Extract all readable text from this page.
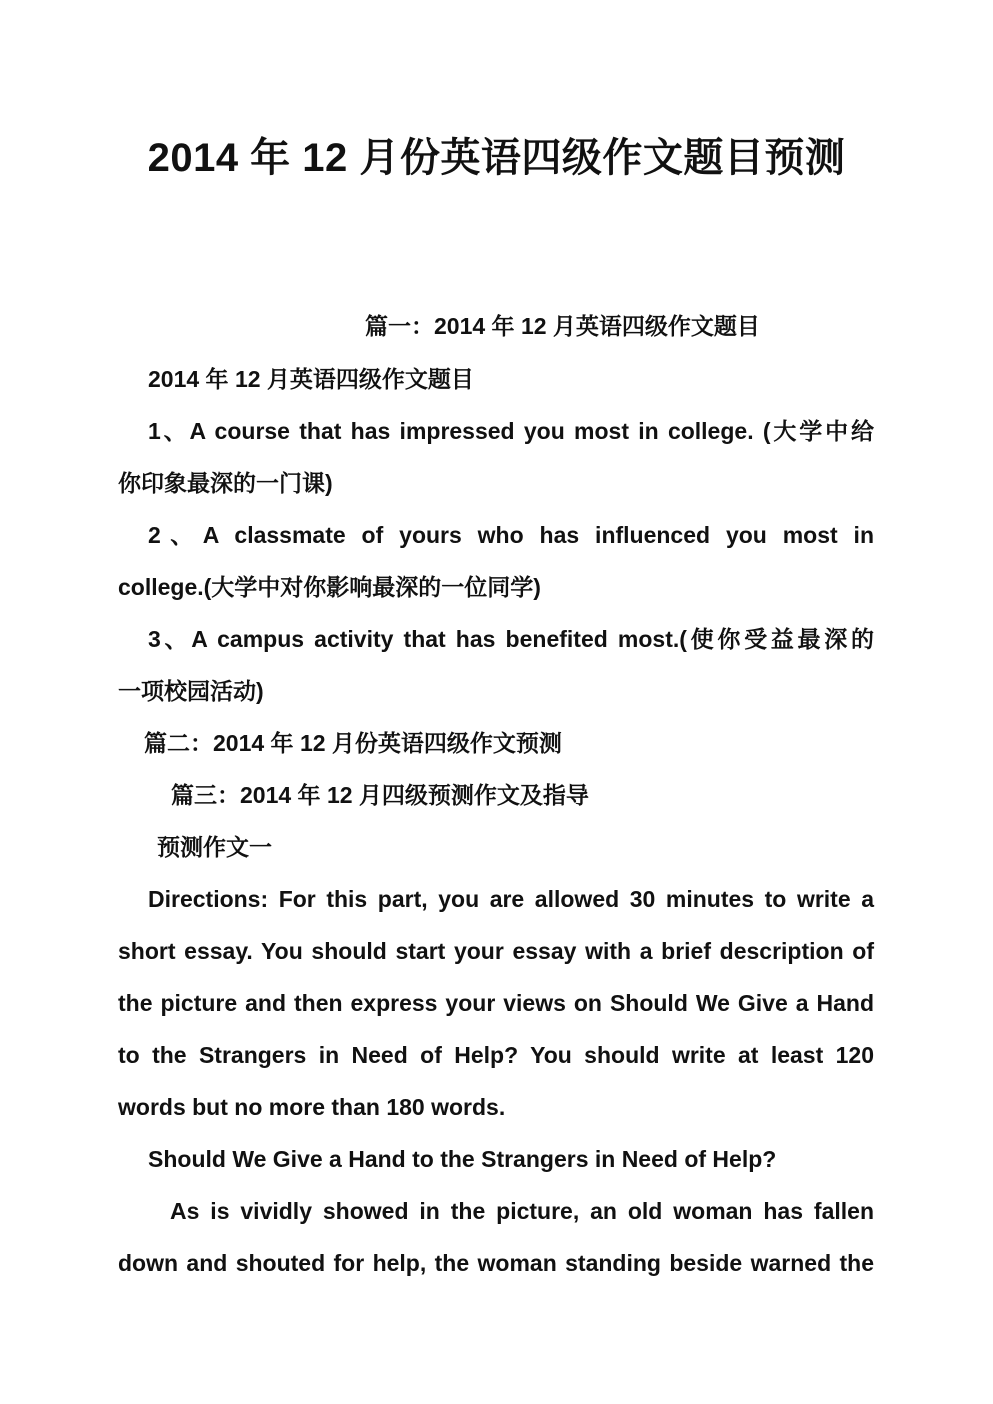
2014 年 12 月份英语四级作文题目预测
篇一：2014 年 12 月英语四级作文题目
2014 年 12 月英语四级作文题目
1、A course that has impressed you most in college. (大学中给
你印象最深的一门课)
2、A classmate of yours who has influenced you most in
college.(大学中对你影响最深的一位同学)
3、A campus activity that has benefited most.(使你受益最深的
一项校园活动)
篇二：2014 年 12 月份英语四级作文预测
篇三：2014 年 12 月四级预测作文及指导
预测作文一
Directions: For this part, you are allowed 30 minutes to write a
short essay. You should start your essay with a brief description of
the picture and then express your views on Should We Give a Hand
to the Strangers in Need of Help? You should write at least 120
words but no more than 180 words.
Should We Give a Hand to the Strangers in Need of Help?
As is vividly showed in the picture, an old woman has fallen
down and shouted for help, the woman standing beside warned the
